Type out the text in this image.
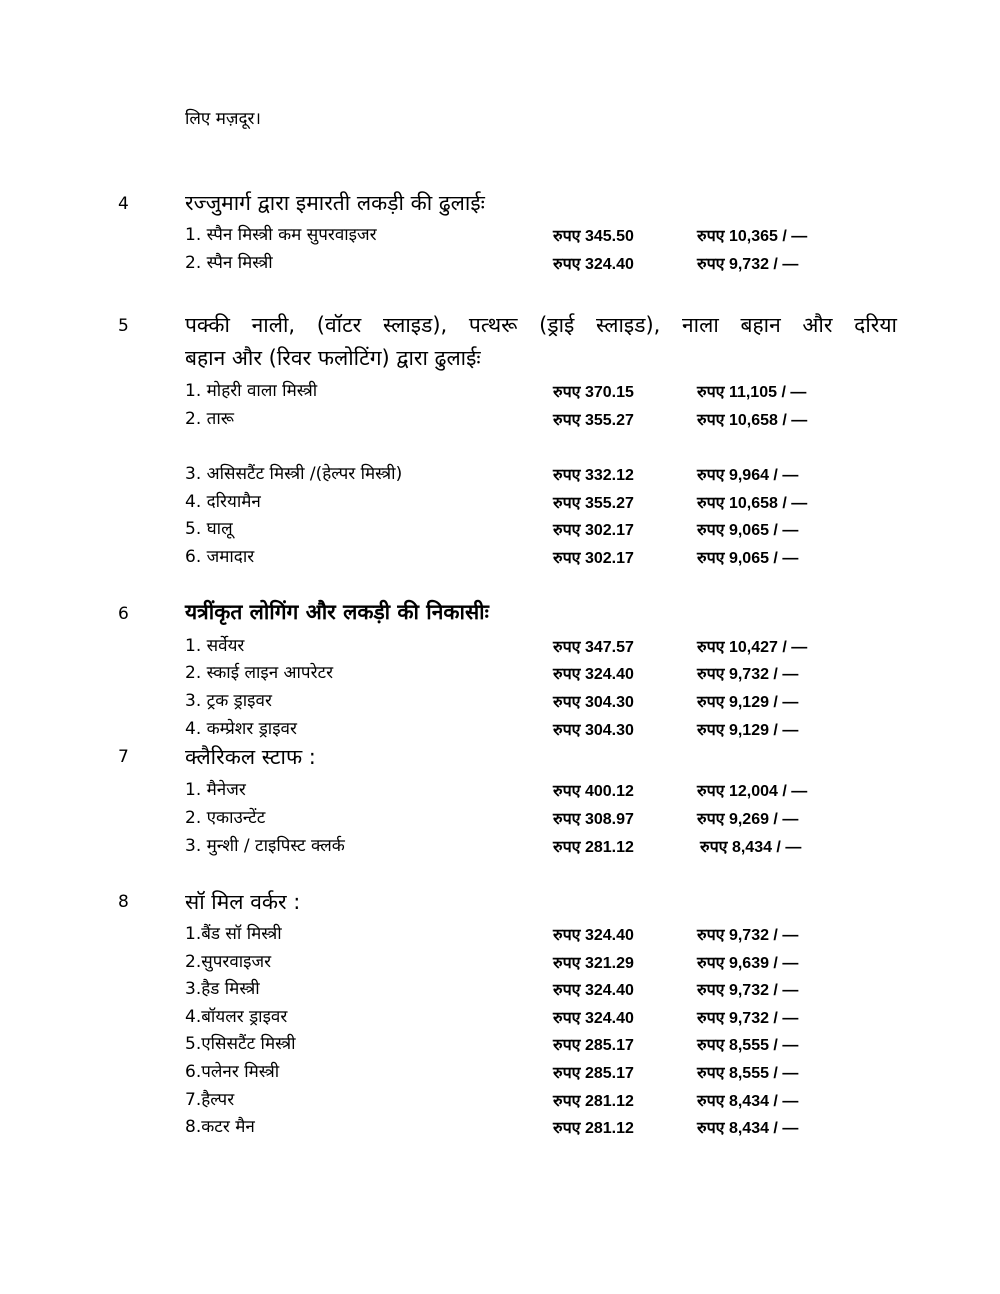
लिए मज़दूर।
4	रज्जुमार्ग द्वारा इमारती लकड़ी की ढुलाईः
1. स्पैन मिस्त्री कम सुपरवाइजर	रुपए 345.50	रुपए 10,365 / —
2. स्पैन मिस्त्री	रुपए 324.40	रुपए 9,732 / —
5	पक्की नाली, (वॉटर स्लाइड), पत्थरू (ड्राई स्लाइड), नाला बहान और दरिया
बहान और (रिवर फलोटिंग) द्वारा ढुलाईः
1. मोहरी वाला मिस्त्री	रुपए 370.15	रुपए 11,105 / —
2. तारू	रुपए 355.27	रुपए 10,658 / —
3. असिसटैंट मिस्त्री /(हेल्पर मिस्त्री)	रुपए 332.12	रुपए 9,964 / —
4. दरियामैन	रुपए 355.27	रुपए 10,658 / —
5. घालू	रुपए 302.17	रुपए 9,065 / —
6. जमादार	रुपए 302.17	रुपए 9,065 / —
6	यत्रींकृत लोगिंग और लकड़ी की निकासीः
1. सर्वेयर	रुपए 347.57	रुपए 10,427 / —
2. स्काई लाइन आपरेटर	रुपए 324.40	रुपए 9,732 / —
3. ट्रक ड्राइवर	रुपए 304.30	रुपए 9,129 / —
4. कम्प्रेशर ड्राइवर	रुपए 304.30	रुपए 9,129 / —
7	क्लैरिकल स्टाफ :
1. मैनेजर	रुपए 400.12	रुपए 12,004 / —
2. एकाउन्टेंट	रुपए 308.97	रुपए 9,269 / —
3. मुन्शी / टाइपिस्ट क्लर्क	रुपए 281.12	रुपए 8,434 / —
8	सॉ मिल वर्कर :
1.बैंड सॉ मिस्त्री	रुपए 324.40	रुपए 9,732 / —
2.सुपरवाइजर	रुपए 321.29	रुपए 9,639 / —
3.हैड मिस्त्री	रुपए 324.40	रुपए 9,732 / —
4.बॉयलर ड्राइवर	रुपए 324.40	रुपए 9,732 / —
5.एसिसटैंट मिस्त्री	रुपए 285.17	रुपए 8,555 / —
6.पलेनर मिस्त्री	रुपए 285.17	रुपए 8,555 / —
7.हैल्पर	रुपए 281.12	रुपए 8,434 / —
8.कटर मैन	रुपए 281.12	रुपए 8,434 / —
